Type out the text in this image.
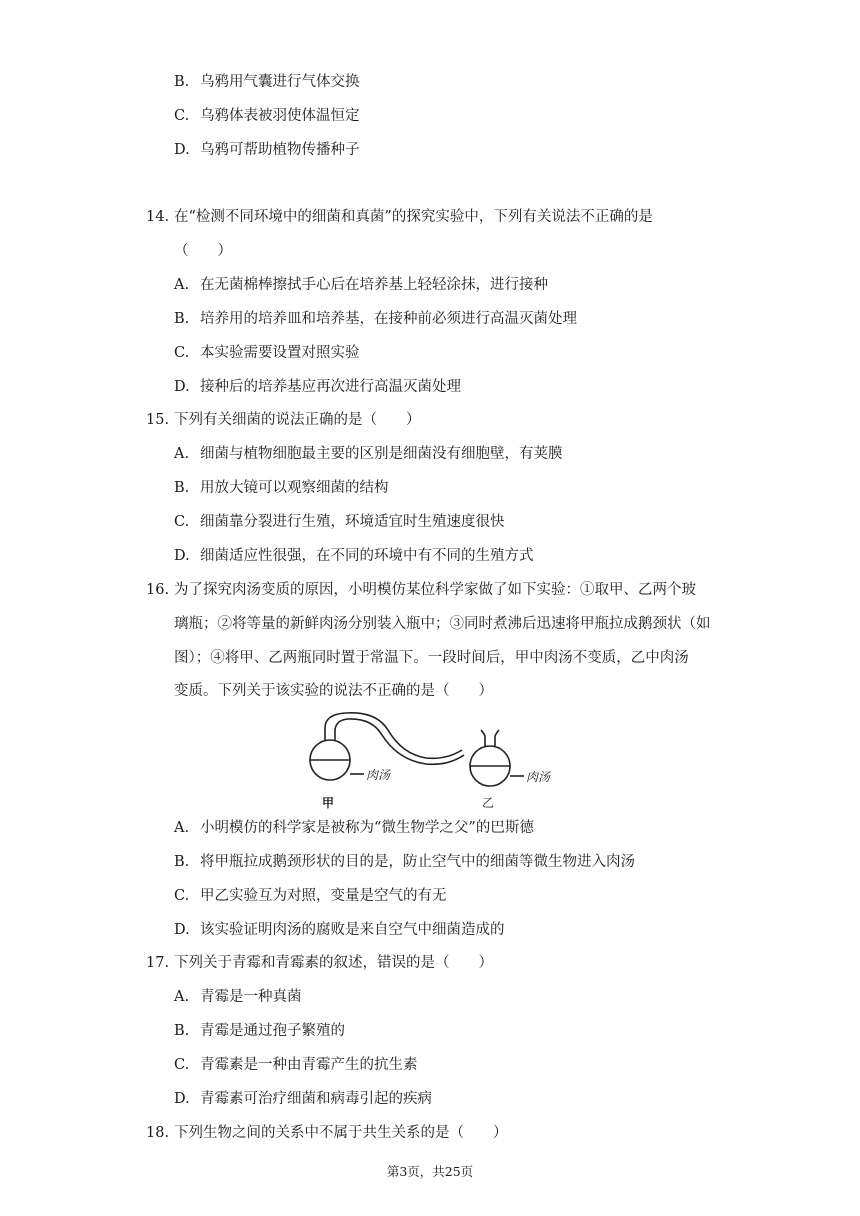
B. 乌鸦用气囊进行气体交换
C. 乌鸦体表被羽使体温恒定
D. 乌鸦可帮助植物传播种子
14. 在“检测不同环境中的细菌和真菌”的探究实验中，下列有关说法不正确的是
（　　）
A. 在无菌棉棒擦拭手心后在培养基上轻轻涂抹，进行接种
B. 培养用的培养皿和培养基，在接种前必须进行高温灭菌处理
C. 本实验需要设置对照实验
D. 接种后的培养基应再次进行高温灭菌处理
15. 下列有关细菌的说法正确的是（　　）
A. 细菌与植物细胞最主要的区别是细菌没有细胞壁，有荚膜
B. 用放大镜可以观察细菌的结构
C. 细菌靠分裂进行生殖，环境适宜时生殖速度很快
D. 细菌适应性很强，在不同的环境中有不同的生殖方式
16. 为了探究肉汤变质的原因，小明模仿某位科学家做了如下实验：①取甲、乙两个玻
璃瓶；②将等量的新鲜肉汤分别装入瓶中；③同时煮沸后迅速将甲瓶拉成鹅颈状（如
图）；④将甲、乙两瓶同时置于常温下。一段时间后，甲中肉汤不变质，乙中肉汤
变质。下列关于该实验的说法不正确的是（　　）
肉汤	肉汤
甲	乙
A. 小明模仿的科学家是被称为“微生物学之父”的巴斯德
B. 将甲瓶拉成鹅颈形状的目的是，防止空气中的细菌等微生物进入肉汤
C. 甲乙实验互为对照，变量是空气的有无
D. 该实验证明肉汤的腐败是来自空气中细菌造成的
17. 下列关于青霉和青霉素的叙述，错误的是（　　）
A. 青霉是一种真菌
B. 青霉是通过孢子繁殖的
C. 青霉素是一种由青霉产生的抗生素
D. 青霉素可治疗细菌和病毒引起的疾病
18. 下列生物之间的关系中不属于共生关系的是（　　）
第3页，共25页
